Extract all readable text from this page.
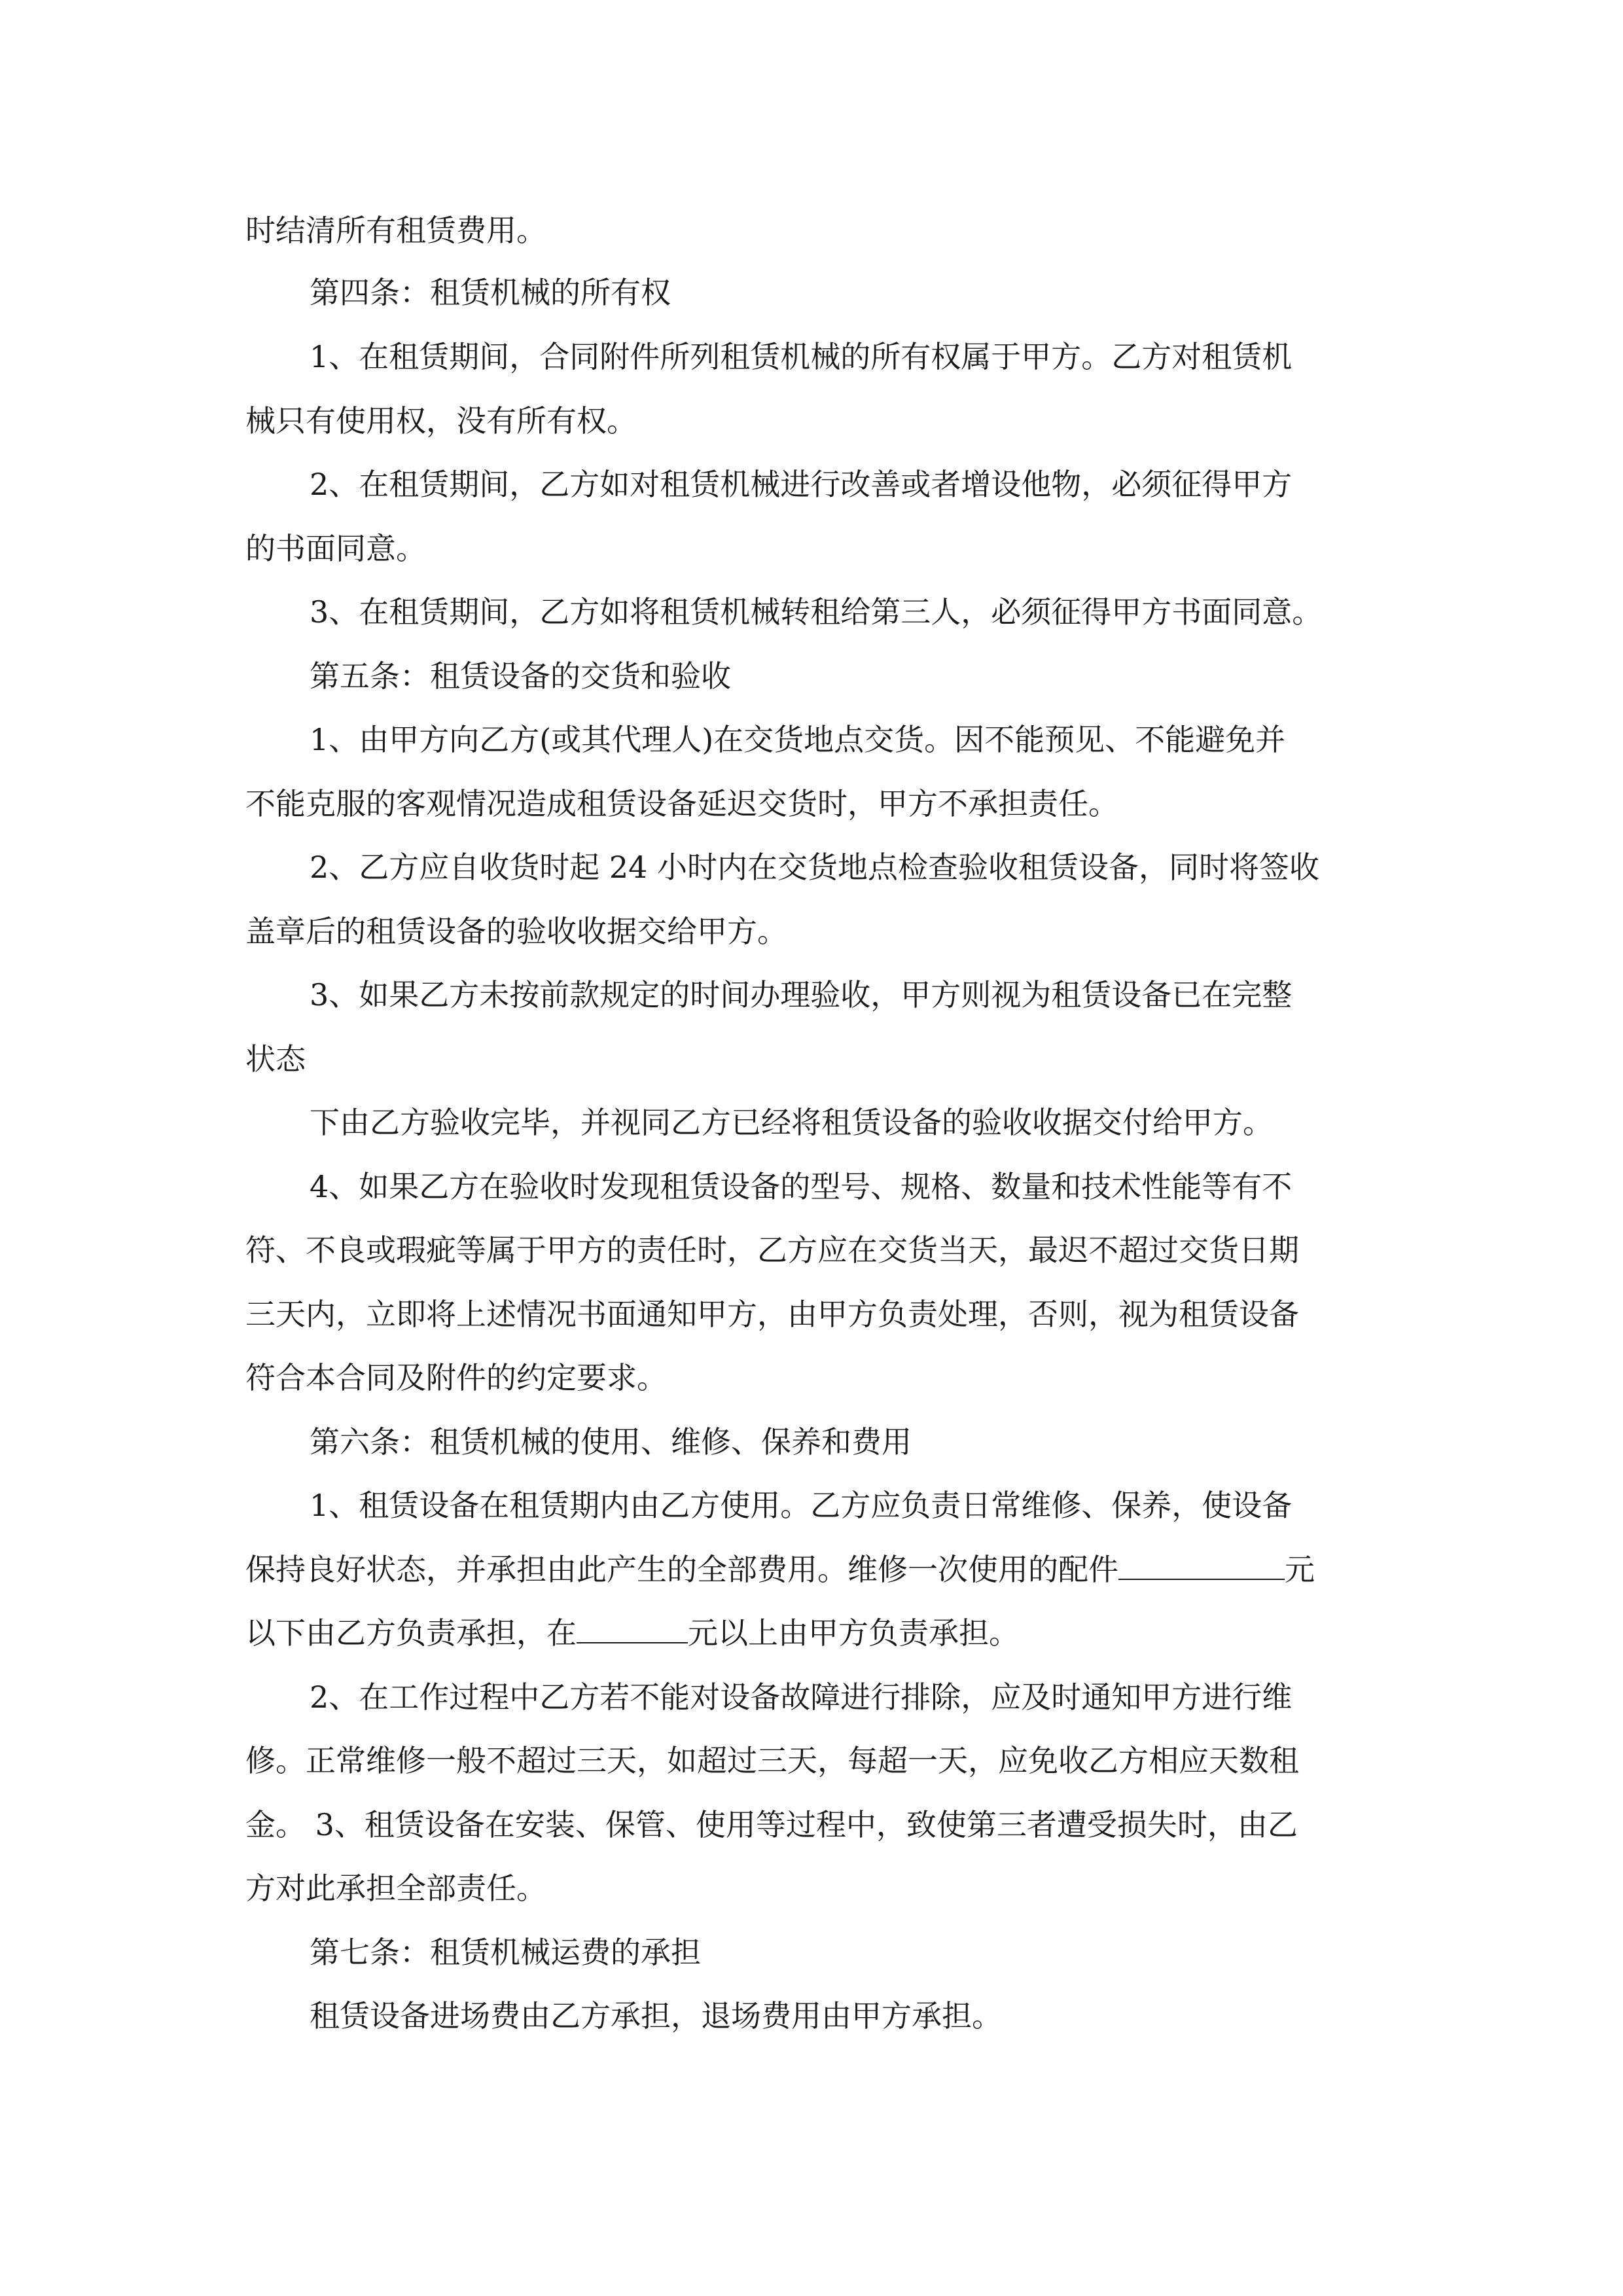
时结清所有租赁费用。
第四条：租赁机械的所有权
1、在租赁期间，合同附件所列租赁机械的所有权属于甲方。乙方对租赁机
械只有使用权，没有所有权。
2、在租赁期间，乙方如对租赁机械进行改善或者增设他物，必须征得甲方
的书面同意。
3、在租赁期间，乙方如将租赁机械转租给第三人，必须征得甲方书面同意。
第五条：租赁设备的交货和验收
1、由甲方向乙方(或其代理人)在交货地点交货。因不能预见、不能避免并
不能克服的客观情况造成租赁设备延迟交货时，甲方不承担责任。
2、乙方应自收货时起 24 小时内在交货地点检查验收租赁设备，同时将签收
盖章后的租赁设备的验收收据交给甲方。
3、如果乙方未按前款规定的时间办理验收，甲方则视为租赁设备已在完整
状态
下由乙方验收完毕，并视同乙方已经将租赁设备的验收收据交付给甲方。
4、如果乙方在验收时发现租赁设备的型号、规格、数量和技术性能等有不
符、不良或瑕疵等属于甲方的责任时，乙方应在交货当天，最迟不超过交货日期
三天内，立即将上述情况书面通知甲方，由甲方负责处理，否则，视为租赁设备
符合本合同及附件的约定要求。
第六条：租赁机械的使用、维修、保养和费用
1、租赁设备在租赁期内由乙方使用。乙方应负责日常维修、保养，使设备
保持良好状态，并承担由此产生的全部费用。维修一次使用的配件	元
以下由乙方负责承担，在	元以上由甲方负责承担。
2、在工作过程中乙方若不能对设备故障进行排除，应及时通知甲方进行维
修。正常维修一般不超过三天，如超过三天，每超一天，应免收乙方相应天数租
金。 3、租赁设备在安装、保管、使用等过程中，致使第三者遭受损失时，由乙
方对此承担全部责任。
第七条：租赁机械运费的承担
租赁设备进场费由乙方承担，退场费用由甲方承担。
